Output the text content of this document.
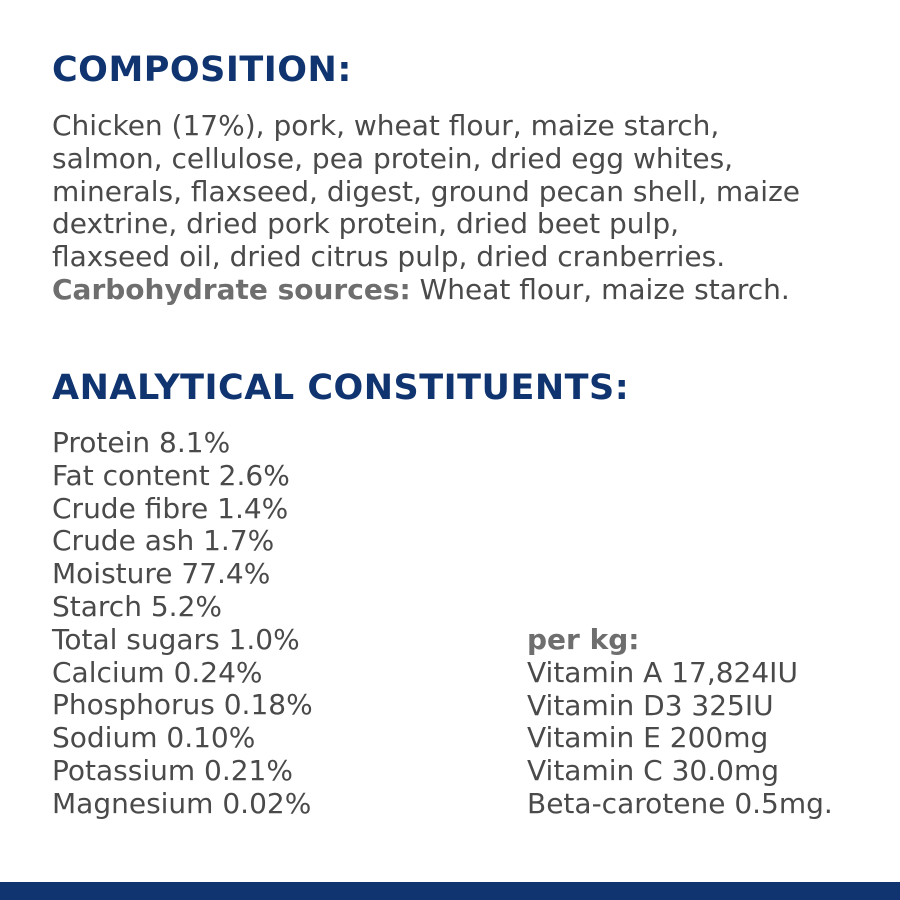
COMPOSITION:
Chicken (17%), pork, wheat flour, maize starch,
salmon, cellulose, pea protein, dried egg whites,
minerals, flaxseed, digest, ground pecan shell, maize
dextrine, dried pork protein, dried beet pulp,
flaxseed oil, dried citrus pulp, dried cranberries.
Carbohydrate sources: Wheat flour, maize starch.
ANALYTICAL CONSTITUENTS:
Protein 8.1%
Fat content 2.6%
Crude fibre 1.4%
Crude ash 1.7%
Moisture 77.4%
Starch 5.2%
Total sugars 1.0%
Calcium 0.24%
Phosphorus 0.18%
Sodium 0.10%
Potassium 0.21%
Magnesium 0.02%
per kg:
Vitamin A 17,824IU
Vitamin D3 325IU
Vitamin E 200mg
Vitamin C 30.0mg
Beta-carotene 0.5mg.
